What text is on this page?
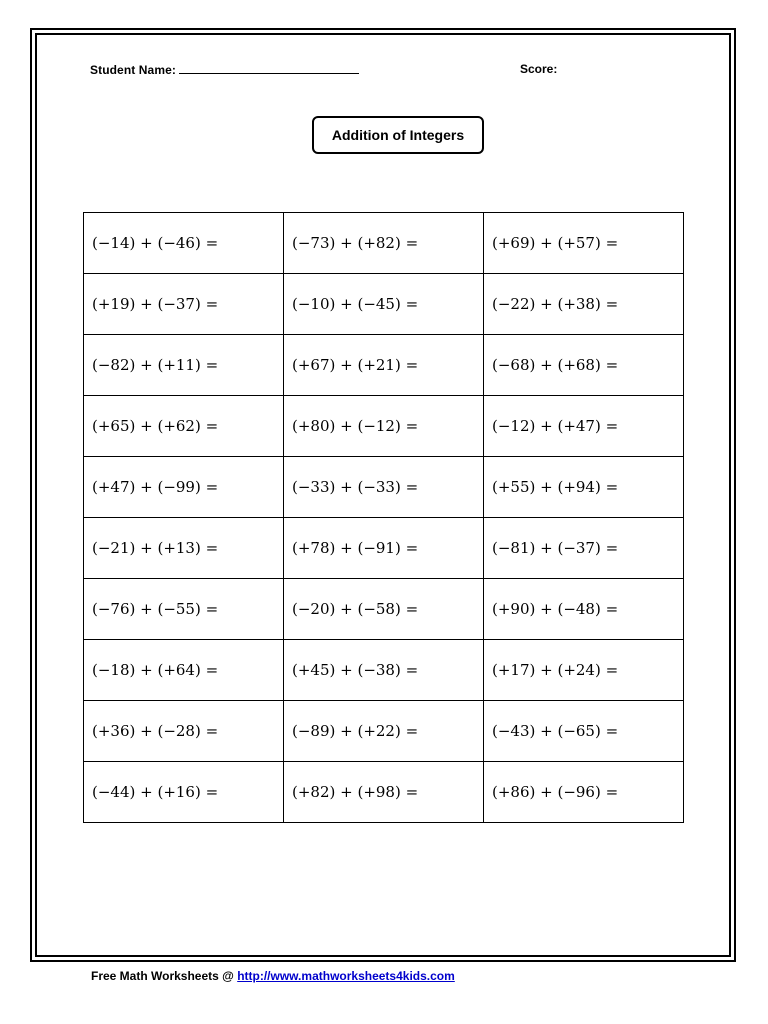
Student Name:	Score:
Addition of Integers
(−14) + (−46) =	(−73) + (+82) =	(+69) + (+57) =
(+19) + (−37) =	(−10) + (−45) =	(−22) + (+38) =
(−82) + (+11) =	(+67) + (+21) =	(−68) + (+68) =
(+65) + (+62) =	(+80) + (−12) =	(−12) + (+47) =
(+47) + (−99) =	(−33) + (−33) =	(+55) + (+94) =
(−21) + (+13) =	(+78) + (−91) =	(−81) + (−37) =
(−76) + (−55) =	(−20) + (−58) =	(+90) + (−48) =
(−18) + (+64) =	(+45) + (−38) =	(+17) + (+24) =
(+36) + (−28) =	(−89) + (+22) =	(−43) + (−65) =
(−44) + (+16) =	(+82) + (+98) =	(+86) + (−96) =
Free Math Worksheets @ http://www.mathworksheets4kids.com
